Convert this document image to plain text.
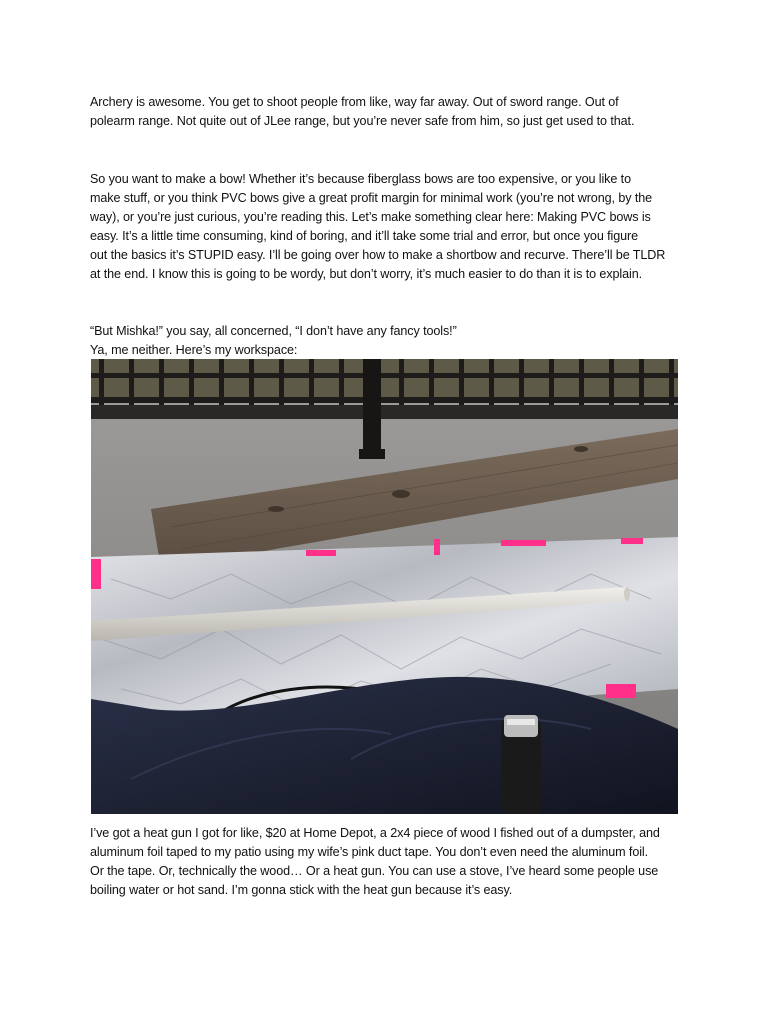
Archery is awesome. You get to shoot people from like, way far away. Out of sword range. Out of
polearm range. Not quite out of JLee range, but you’re never safe from him, so just get used to that.

So you want to make a bow! Whether it’s because fiberglass bows are too expensive, or you like to
make stuff, or you think PVC bows give a great profit margin for minimal work (you’re not wrong, by the
way), or you’re just curious, you’re reading this. Let’s make something clear here: Making PVC bows is
easy. It’s a little time consuming, kind of boring, and it’ll take some trial and error, but once you figure
out the basics it’s STUPID easy. I’ll be going over how to make a shortbow and recurve. There’ll be TLDR
at the end. I know this is going to be wordy, but don’t worry, it’s much easier to do than it is to explain.

“But Mishka!” you say, all concerned, “I don’t have any fancy tools!”
Ya, me neither. Here’s my workspace:

I’ve got a heat gun I got for like, $20 at Home Depot, a 2x4 piece of wood I fished out of a dumpster, and
aluminum foil taped to my patio using my wife’s pink duct tape. You don’t even need the aluminum foil.
Or the tape. Or, technically the wood… Or a heat gun. You can use a stove, I’ve heard some people use
boiling water or hot sand. I’m gonna stick with the heat gun because it’s easy.
